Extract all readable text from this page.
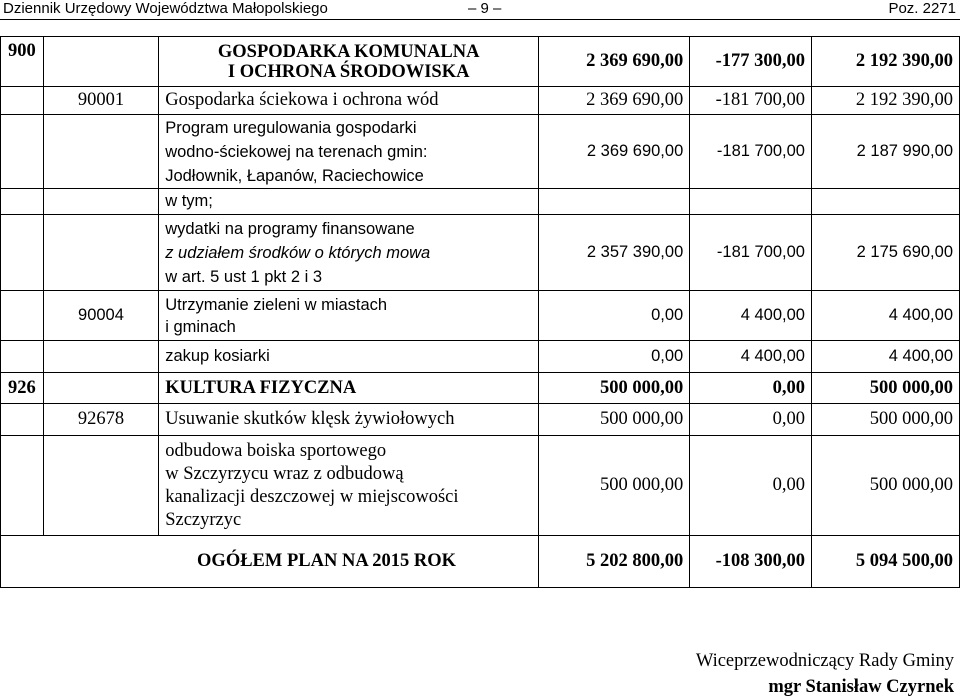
Dziennik Urzędowy Województwa Małopolskiego	– 9 –	Poz. 2271
900		GOSPODARKA KOMUNALNA
I OCHRONA ŚRODOWISKA	2 369 690,00	-177 300,00	2 192 390,00
	90001	Gospodarka ściekowa i ochrona wód	2 369 690,00	-181 700,00	2 192 390,00

		Program uregulowania gospodarki
wodno-ściekowej na terenach gmin:
Jodłownik, Łapanów, Raciechowice	2 369 690,00	-181 700,00	2 187 990,00
		w tym;			

		wydatki na programy finansowane
z udziałem środków o których mowa
w art. 5 ust 1 pkt 2 i 3	2 357 390,00	-181 700,00	2 175 690,00
	90004	Utrzymanie zieleni w miastach
i gminach	0,00	4 400,00	4 400,00
		zakup kosiarki	0,00	4 400,00	4 400,00
926		KULTURA FIZYCZNA	500 000,00	0,00	500 000,00
	92678	Usuwanie skutków klęsk żywiołowych	500 000,00	0,00	500 000,00

		odbudowa boiska sportowego
w Szczyrzycu wraz z odbudową
kanalizacji deszczowej w miejscowości
Szczyrzyc	500 000,00	0,00	500 000,00
OGÓŁEM PLAN NA 2015 ROK			5 202 800,00	-108 300,00	5 094 500,00
Wiceprzewodniczący Rady Gminy
mgr Stanisław Czyrnek
